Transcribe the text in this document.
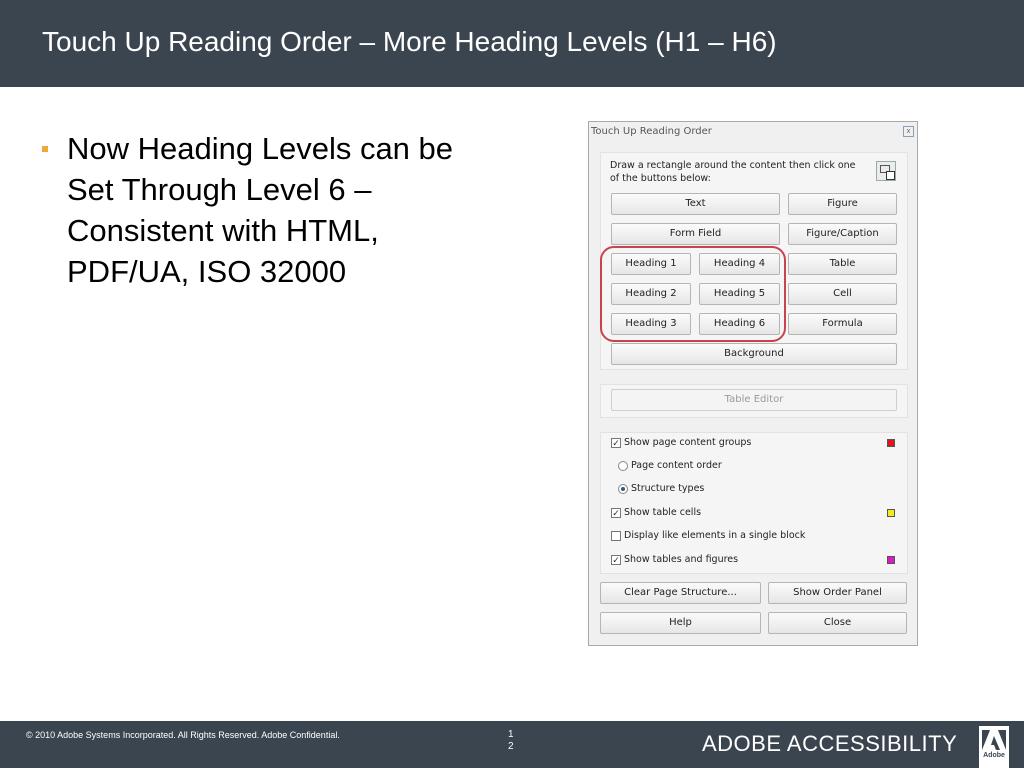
Touch Up Reading Order – More Heading Levels (H1 – H6)
Now Heading Levels can be Set Through Level 6 – Consistent with HTML, PDF/UA, ISO 32000
Touch Up Reading Order	x
Draw a rectangle around the content then click one of the buttons below:
Text	Figure
Form Field	Figure/Caption
Heading 1	Heading 4	Table
Heading 2	Heading 5	Cell
Heading 3	Heading 6	Formula
Background
Table Editor
✓ Show page content groups
Page content order
Structure types
✓ Show table cells
Display like elements in a single block
✓ Show tables and figures
Clear Page Structure...	Show Order Panel
Help	Close
© 2010 Adobe Systems Incorporated. All Rights Reserved. Adobe Confidential.	1
2	ADOBE ACCESSIBILITY	Adobe
